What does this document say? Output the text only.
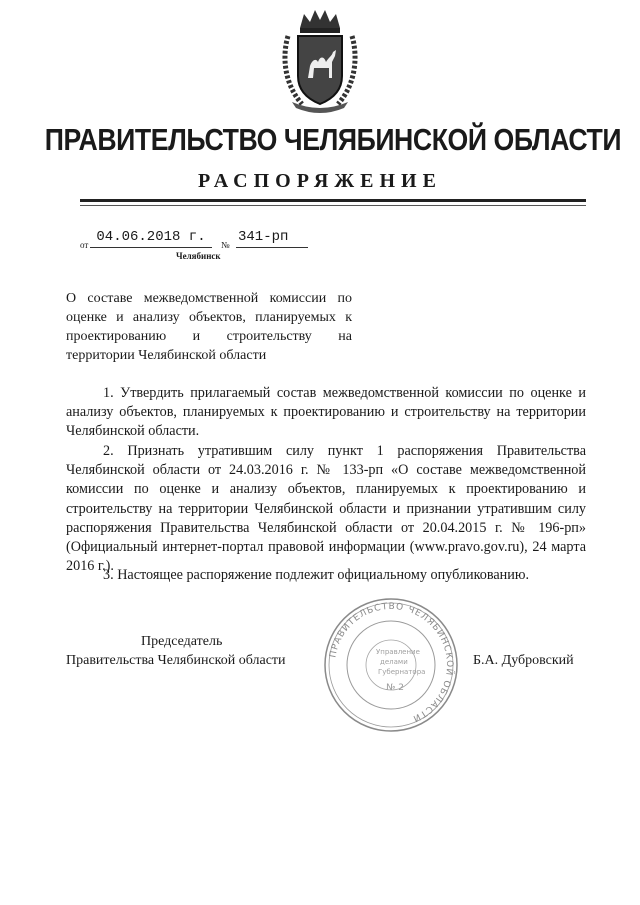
ПРАВИТЕЛЬСТВО ЧЕЛЯБИНСКОЙ ОБЛАСТИ
РАСПОРЯЖЕНИЕ
от 04.06.2018 г.	№ 341-рп
Челябинск
О составе межведомственной комиссии по оценке и анализу объектов, планируемых к проектированию и строительству на территории Челябинской области
1. Утвердить прилагаемый состав межведомственной комиссии по оценке и анализу объектов, планируемых к проектированию и строительству на территории Челябинской области.
2. Признать утратившим силу пункт 1 распоряжения Правительства Челябинской области от 24.03.2016 г. № 133-рп «О составе межведомственной комиссии по оценке и анализу объектов, планируемых к проектированию и строительству на территории Челябинской области и признании утратившим силу распоряжения Правительства Челябинской области от 20.04.2015 г. № 196-рп» (Официальный интернет-портал правовой информации (www.pravo.gov.ru), 24 марта 2016 г.).
3. Настоящее распоряжение подлежит официальному опубликованию.
ПРАВИТЕЛЬСТВО ЧЕЛЯБИНСКОЙ ОБЛАСТИ
Управление
делами
Губернатора
№ 2
Председатель
Правительства Челябинской области	Б.А. Дубровский
